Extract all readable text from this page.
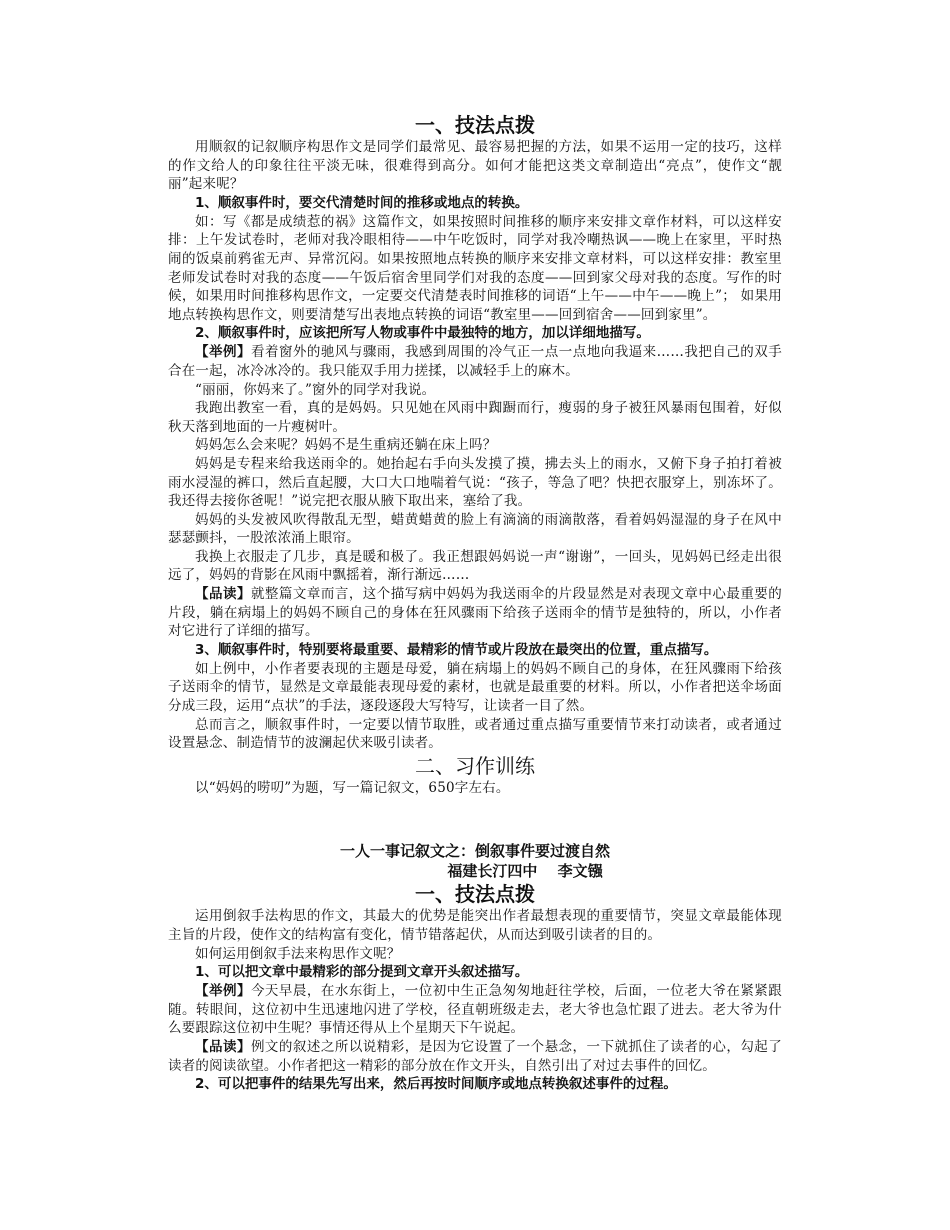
一、技法点拨

用顺叙的记叙顺序构思作文是同学们最常见、最容易把握的方法，如果不运用一定的技巧，这样的作文给人的印象往往平淡无味，很难得到高分。如何才能把这类文章制造出“亮点”，使作文“靓丽”起来呢？

1、顺叙事件时，要交代清楚时间的推移或地点的转换。

如：写《都是成绩惹的祸》这篇作文，如果按照时间推移的顺序来安排文章作材料，可以这样安排：上午发试卷时，老师对我冷眼相待——中午吃饭时，同学对我冷嘲热讽——晚上在家里，平时热闹的饭桌前鸦雀无声、异常沉闷。如果按照地点转换的顺序来安排文章材料，可以这样安排：教室里老师发试卷时对我的态度——午饭后宿舍里同学们对我的态度——回到家父母对我的态度。写作的时候，如果用时间推移构思作文，一定要交代清楚表时间推移的词语“上午——中午——晚上”； 如果用地点转换构思作文，则要清楚写出表地点转换的词语“教室里——回到宿舍——回到家里”。

2、顺叙事件时，应该把所写人物或事件中最独特的地方，加以详细地描写。

【举例】看着窗外的驰风与骤雨，我感到周围的冷气正一点一点地向我逼来……我把自己的双手合在一起，冰冷冰冷的。我只能双手用力搓揉，以减轻手上的麻木。

“丽丽，你妈来了。”窗外的同学对我说。

我跑出教室一看，真的是妈妈。只见她在风雨中踟蹰而行，瘦弱的身子被狂风暴雨包围着，好似秋天落到地面的一片瘦树叶。

妈妈怎么会来呢？妈妈不是生重病还躺在床上吗？

妈妈是专程来给我送雨伞的。她抬起右手向头发摸了摸，拂去头上的雨水，又俯下身子拍打着被雨水浸湿的裤口，然后直起腰，大口大口地喘着气说：“孩子，等急了吧？快把衣服穿上，别冻坏了。我还得去接你爸呢！”说完把衣服从腋下取出来，塞给了我。

妈妈的头发被风吹得散乱无型，蜡黄蜡黄的脸上有滴滴的雨滴散落，看着妈妈湿湿的身子在风中瑟瑟颤抖，一股浓浓涌上眼帘。

我换上衣服走了几步，真是暖和极了。我正想跟妈妈说一声“谢谢”，一回头，见妈妈已经走出很远了，妈妈的背影在风雨中飘摇着，渐行渐远……

【品读】就整篇文章而言，这个描写病中妈妈为我送雨伞的片段显然是对表现文章中心最重要的片段，躺在病塌上的妈妈不顾自己的身体在狂风骤雨下给孩子送雨伞的情节是独特的，所以，小作者对它进行了详细的描写。

3、顺叙事件时，特别要将最重要、最精彩的情节或片段放在最突出的位置，重点描写。

如上例中，小作者要表现的主题是母爱，躺在病塌上的妈妈不顾自己的身体，在狂风骤雨下给孩子送雨伞的情节，显然是文章最能表现母爱的素材，也就是最重要的材料。所以，小作者把送伞场面分成三段，运用“点状”的手法，逐段逐段大写特写，让读者一目了然。

总而言之，顺叙事件时，一定要以情节取胜，或者通过重点描写重要情节来打动读者，或者通过设置悬念、制造情节的波澜起伏来吸引读者。

二、习作训练

以“妈妈的唠叨”为题，写一篇记叙文，650字左右。

一人一事记叙文之：倒叙事件要过渡自然

福建长汀四中　 李文镪

一、技法点拨

运用倒叙手法构思的作文，其最大的优势是能突出作者最想表现的重要情节，突显文章最能体现主旨的片段，使作文的结构富有变化，情节错落起伏，从而达到吸引读者的目的。

如何运用倒叙手法来构思作文呢？

1、可以把文章中最精彩的部分提到文章开头叙述描写。

【举例】今天早晨，在水东街上，一位初中生正急匆匆地赶往学校，后面，一位老大爷在紧紧跟随。转眼间，这位初中生迅速地闪进了学校，径直朝班级走去，老大爷也急忙跟了进去。老大爷为什么要跟踪这位初中生呢？事情还得从上个星期天下午说起。

【品读】例文的叙述之所以说精彩，是因为它设置了一个悬念，一下就抓住了读者的心，勾起了读者的阅读欲望。小作者把这一精彩的部分放在作文开头，自然引出了对过去事件的回忆。

2、可以把事件的结果先写出来，然后再按时间顺序或地点转换叙述事件的过程。
